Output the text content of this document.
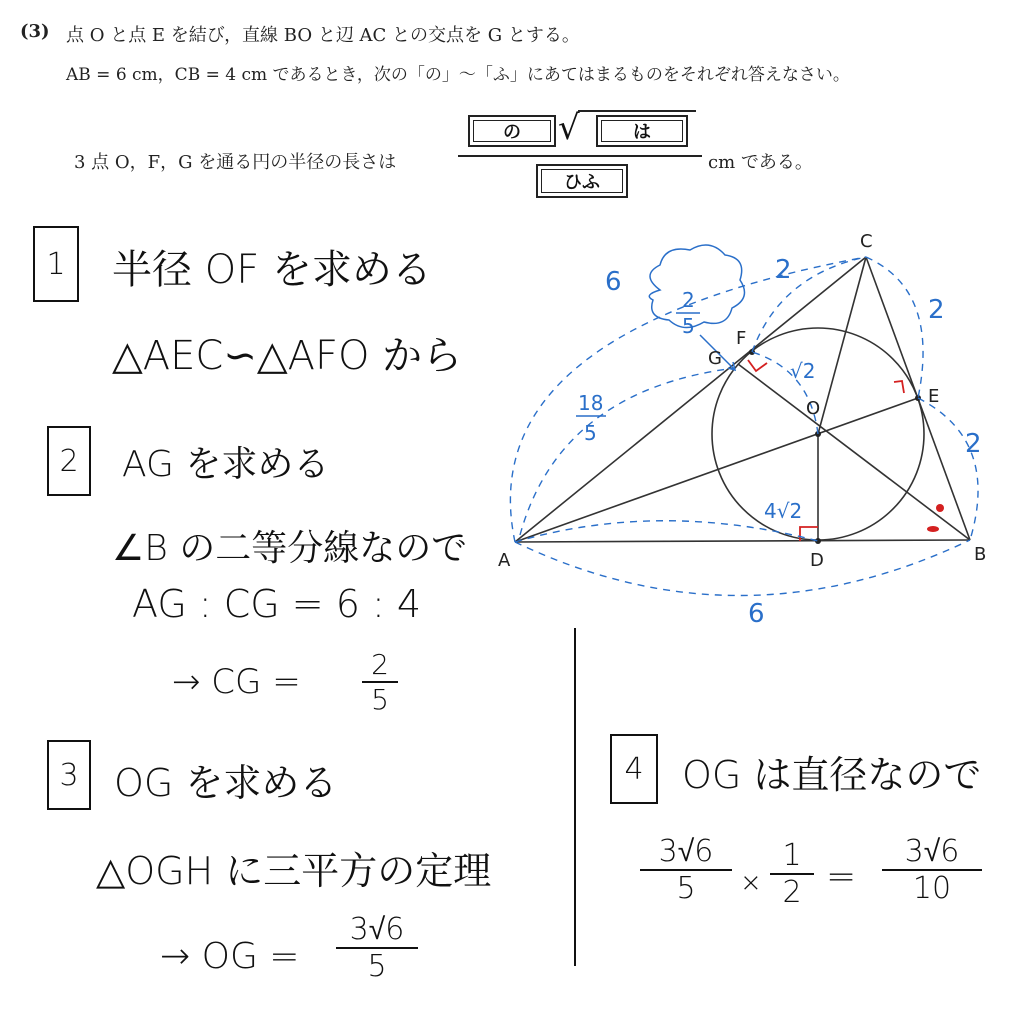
(3) 点 O と点 E を結び，直線 BO と辺 AC との交点を G とする。
AB = 6 cm，CB = 4 cm であるとき，次の「の」～「ふ」にあてはまるものをそれぞれ答えなさい。
3 点 O，F，G を通る円の半径の長さは
の	√	は
ひふ
cm である。
1	半径 OF を求める
△AEC∽△AFO から
2	AG を求める
∠B の二等分線なので
AG : CG = 6 : 4
→ CG =	2
5
3 OG を求める
△OGH に三平方の定理
→ OG =
3√6
5
4	OG は直径なので
3√6
5 ×
1
2 =
3√6
10
A	B
C
D
E
F
G
O
6	2
2
2
6
2
5
18
5
√2
4√2
